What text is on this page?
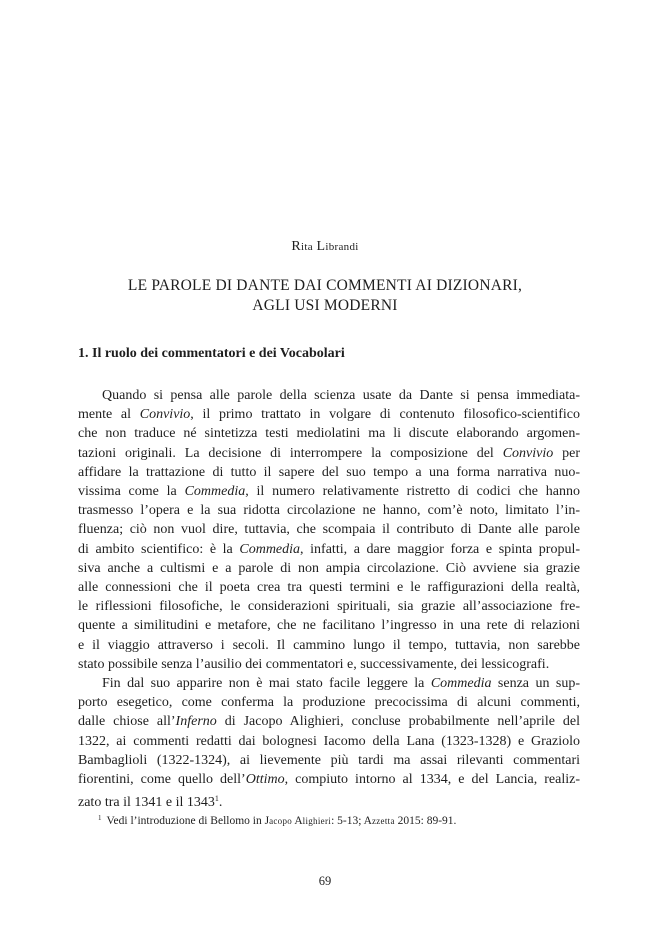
Rita Librandi
LE PAROLE DI DANTE DAI COMMENTI AI DIZIONARI,
AGLI USI MODERNI
1. Il ruolo dei commentatori e dei Vocabolari
Quando si pensa alle parole della scienza usate da Dante si pensa immediata-
mente al Convivio, il primo trattato in volgare di contenuto filosofico-scientifico
che non traduce né sintetizza testi mediolatini ma li discute elaborando argomen-
tazioni originali. La decisione di interrompere la composizione del Convivio per
affidare la trattazione di tutto il sapere del suo tempo a una forma narrativa nuo-
vissima come la Commedia, il numero relativamente ristretto di codici che hanno
trasmesso l’opera e la sua ridotta circolazione ne hanno, com’è noto, limitato l’in-
fluenza; ciò non vuol dire, tuttavia, che scompaia il contributo di Dante alle parole
di ambito scientifico: è la Commedia, infatti, a dare maggior forza e spinta propul-
siva anche a cultismi e a parole di non ampia circolazione. Ciò avviene sia grazie
alle connessioni che il poeta crea tra questi termini e le raffigurazioni della realtà,
le riflessioni filosofiche, le considerazioni spirituali, sia grazie all’associazione fre-
quente a similitudini e metafore, che ne facilitano l’ingresso in una rete di relazioni
e il viaggio attraverso i secoli. Il cammino lungo il tempo, tuttavia, non sarebbe
stato possibile senza l’ausilio dei commentatori e, successivamente, dei lessicografi.
Fin dal suo apparire non è mai stato facile leggere la Commedia senza un sup-
porto esegetico, come conferma la produzione precocissima di alcuni commenti,
dalle chiose all’Inferno di Jacopo Alighieri, concluse probabilmente nell’aprile del
1322, ai commenti redatti dai bolognesi Iacomo della Lana (1323-1328) e Graziolo
Bambaglioli (1322-1324), ai lievemente più tardi ma assai rilevanti commentari
fiorentini, come quello dell’Ottimo, compiuto intorno al 1334, e del Lancia, realiz-
zato tra il 1341 e il 1343$^1$.
$^1$ Vedi l’introduzione di Bellomo in Jacopo Alighieri: 5-13; Azzetta 2015: 89-91.
69
